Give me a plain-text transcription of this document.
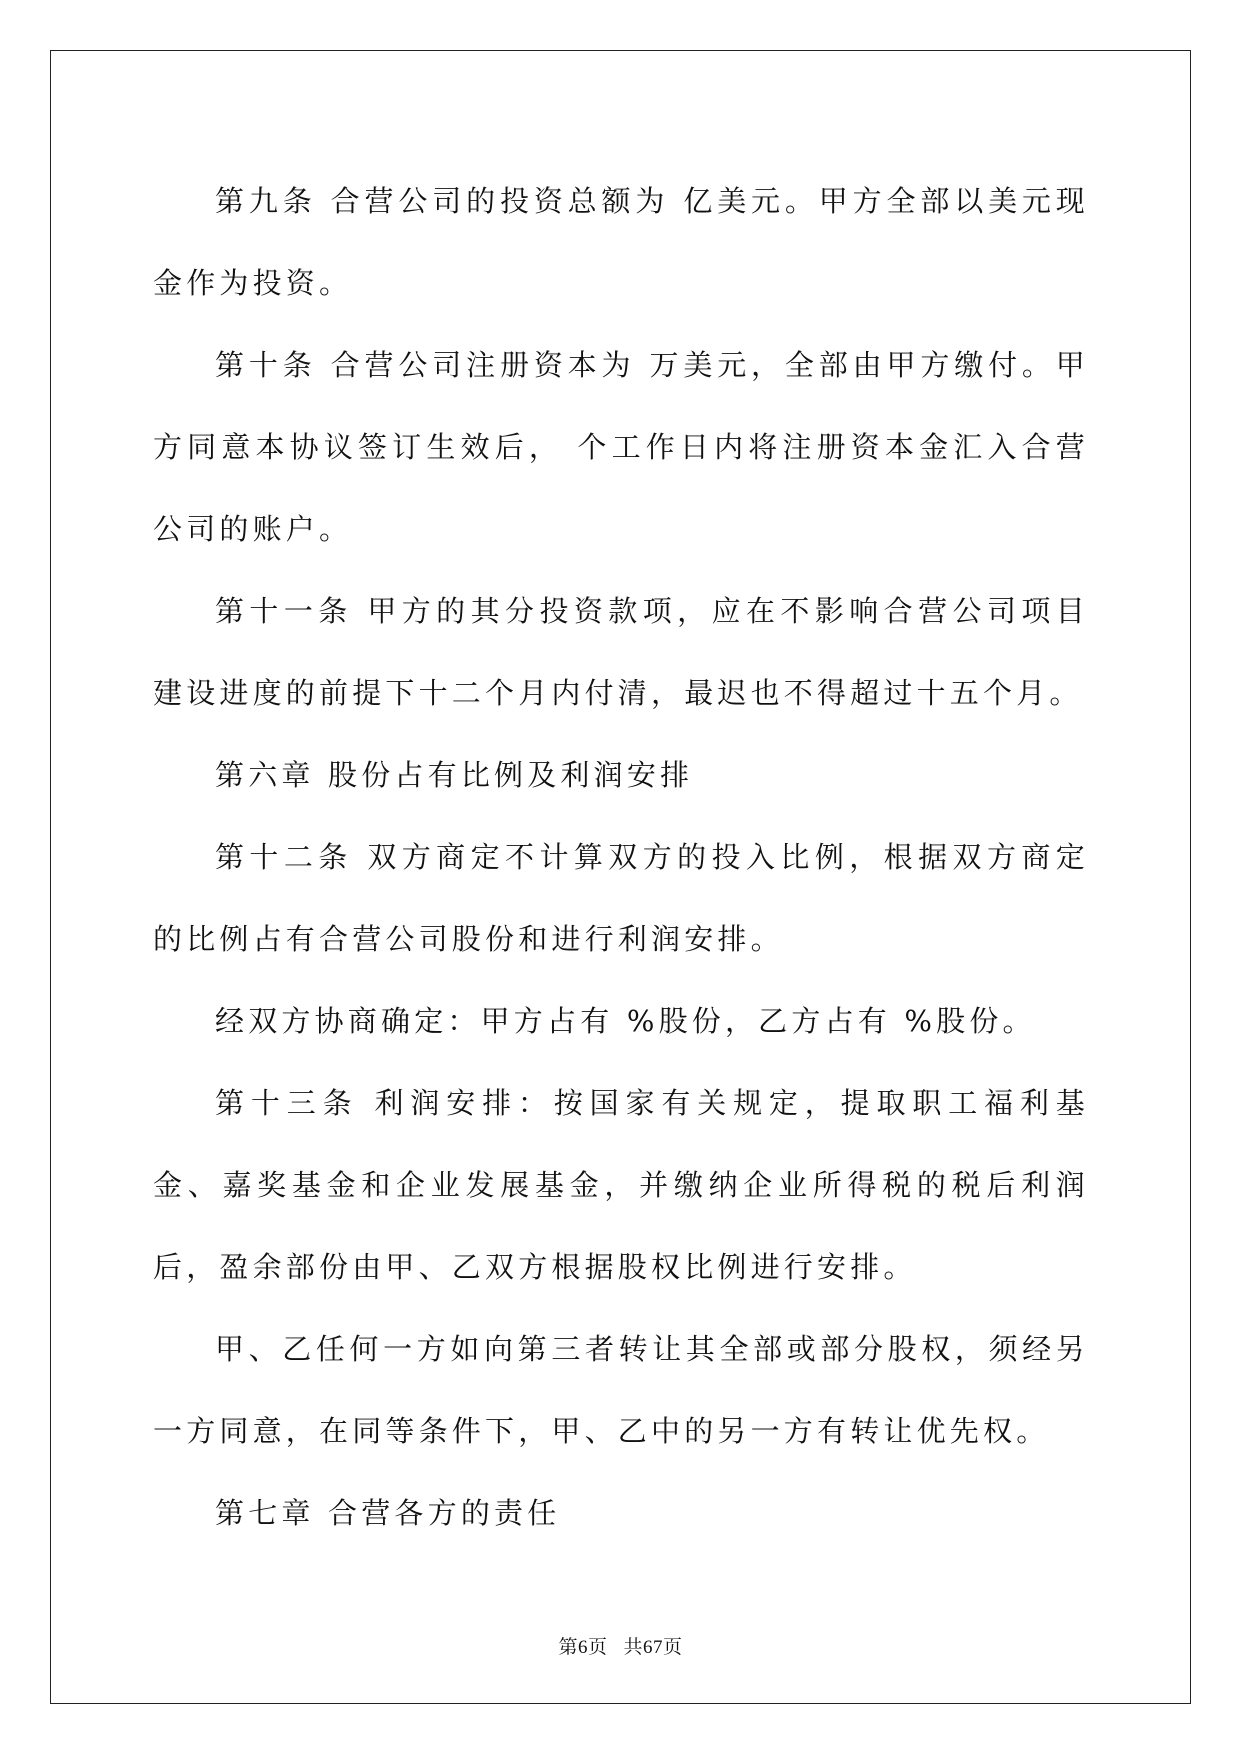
第九条 合营公司的投资总额为 亿美元。甲方全部以美元现金作为投资。

第十条 合营公司注册资本为 万美元，全部由甲方缴付。甲方同意本协议签订生效后， 个工作日内将注册资本金汇入合营公司的账户。

第十一条 甲方的其分投资款项，应在不影响合营公司项目建设进度的前提下十二个月内付清，最迟也不得超过十五个月。

第六章 股份占有比例及利润安排

第十二条 双方商定不计算双方的投入比例，根据双方商定的比例占有合营公司股份和进行利润安排。

经双方协商确定：甲方占有 %股份，乙方占有 %股份。

第十三条 利润安排：按国家有关规定，提取职工福利基金、嘉奖基金和企业发展基金，并缴纳企业所得税的税后利润后，盈余部份由甲、乙双方根据股权比例进行安排。

甲、乙任何一方如向第三者转让其全部或部分股权，须经另一方同意，在同等条件下，甲、乙中的另一方有转让优先权。

第七章 合营各方的责任

第6页 共67页
